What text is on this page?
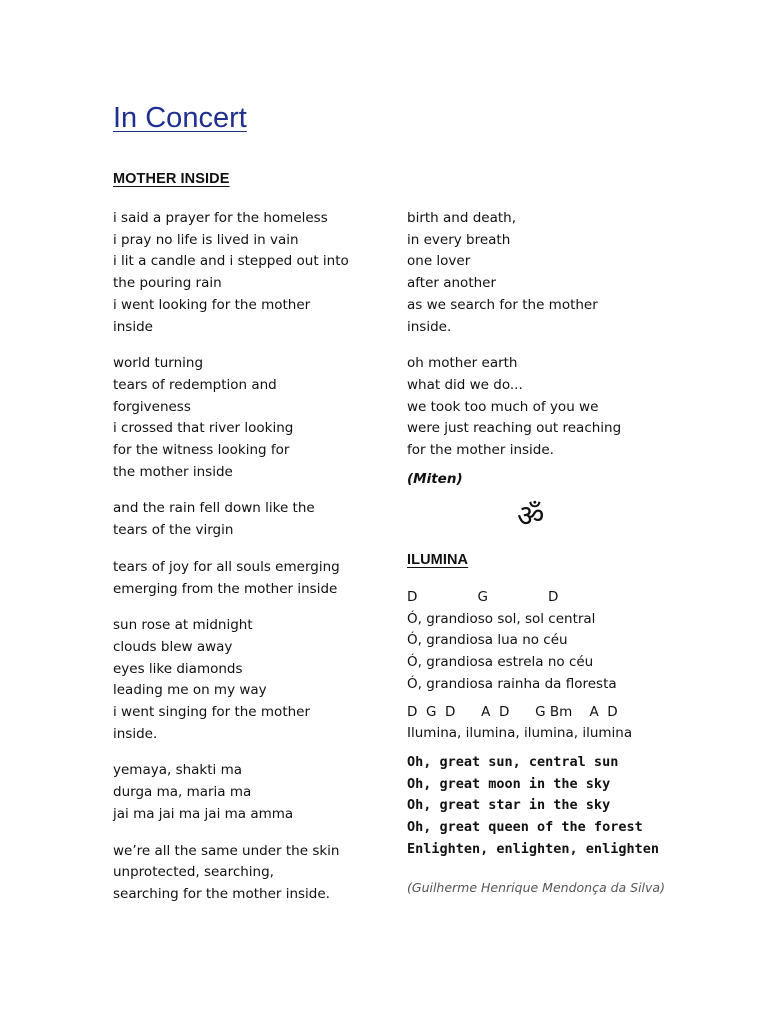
In Concert
MOTHER INSIDE
i said a prayer for the homeless
i pray no life is lived in vain
i lit a candle and i stepped out into
the pouring rain
i went looking for the mother
inside
world turning
tears of redemption and
forgiveness
i crossed that river looking
for the witness looking for
the mother inside
and the rain fell down like the
tears of the virgin
tears of joy for all souls emerging
emerging from the mother inside
sun rose at midnight
clouds blew away
eyes like diamonds
leading me on my way
i went singing for the mother
inside.
yemaya, shakti ma
durga ma, maria ma
jai ma jai ma jai ma amma
we’re all the same under the skin
unprotected, searching,
searching for the mother inside.
birth and death,
in every breath
one lover
after another
as we search for the mother
inside.
oh mother earth
what did we do...
we took too much of you we
were just reaching out reaching
for the mother inside.
(Miten)
ॐ
ILUMINA
D              G              D
Ó, grandioso sol, sol central
Ó, grandiosa lua no céu
Ó, grandiosa estrela no céu
Ó, grandiosa rainha da floresta
D  G  D      A  D      G Bm    A  D
Ilumina, ilumina, ilumina, ilumina
Oh, great sun, central sun
Oh, great moon in the sky
Oh, great star in the sky
Oh, great queen of the forest
Enlighten, enlighten, enlighten
(Guilherme Henrique Mendonça da Silva)
